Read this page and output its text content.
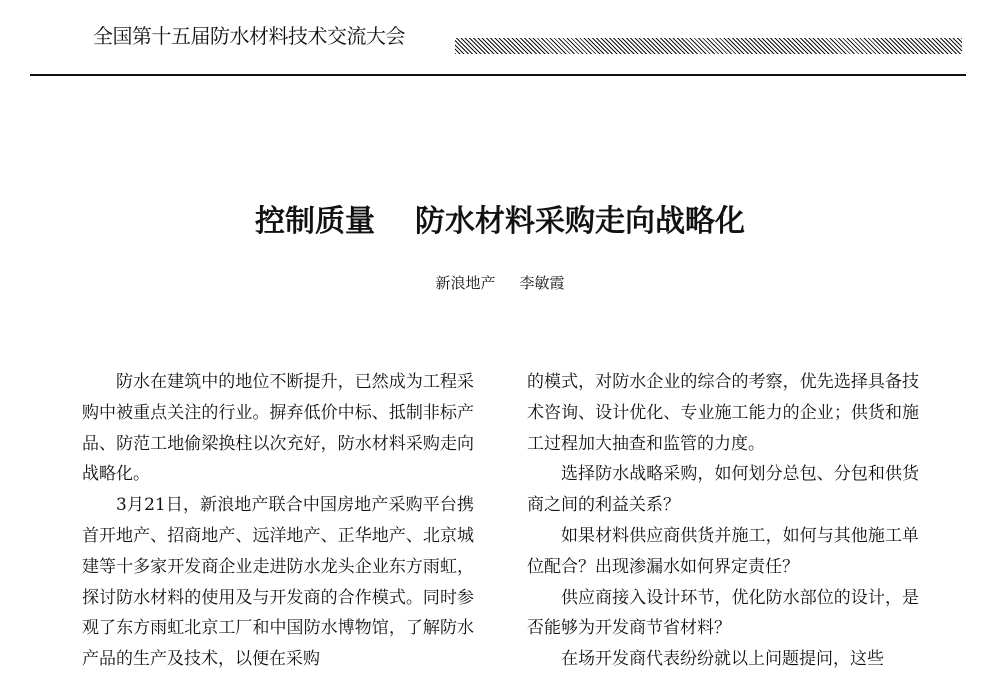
全国第十五届防水材料技术交流大会
控制质量 防水材料采购走向战略化
新浪地产 李敏霞

防水在建筑中的地位不断提升，已然成为工程采购中被重点关注的行业。摒弃低价中标、抵制非标产品、防范工地偷梁换柱以次充好，防水材料采购走向战略化。

3月21日，新浪地产联合中国房地产采购平台携首开地产、招商地产、远洋地产、正华地产、北京城建等十多家开发商企业走进防水龙头企业东方雨虹，探讨防水材料的使用及与开发商的合作模式。同时参观了东方雨虹北京工厂和中国防水博物馆，了解防水产品的生产及技术，以便在采购

的模式，对防水企业的综合的考察，优先选择具备技术咨询、设计优化、专业施工能力的企业；供货和施工过程加大抽查和监管的力度。

选择防水战略采购，如何划分总包、分包和供货商之间的利益关系？

如果材料供应商供货并施工，如何与其他施工单位配合？出现渗漏水如何界定责任？

供应商接入设计环节，优化防水部位的设计，是否能够为开发商节省材料？

在场开发商代表纷纷就以上问题提问，这些
